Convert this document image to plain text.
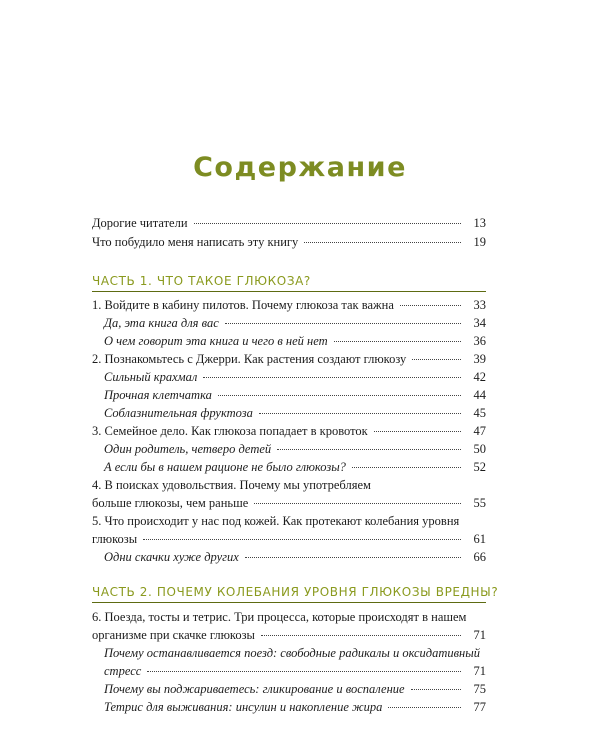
Содержание
Дорогие читатели	13
Что побудило меня написать эту книгу	19
ЧАСТЬ 1. ЧТО ТАКОЕ ГЛЮКОЗА?
1. Войдите в кабину пилотов. Почему глюкоза так важна	33
Да, эта книга для вас	34
О чем говорит эта книга и чего в ней нет	36
2. Познакомьтесь с Джерри. Как растения создают глюкозу	39
Сильный крахмал	42
Прочная клетчатка	44
Соблазнительная фруктоза	45
3. Семейное дело. Как глюкоза попадает в кровоток	47
Один родитель, четверо детей	50
А если бы в нашем рационе не было глюкозы?	52
4. В поисках удовольствия. Почему мы употребляем
больше глюкозы, чем раньше	55
5. Что происходит у нас под кожей. Как протекают колебания уровня
глюкозы	61
Одни скачки хуже других	66
ЧАСТЬ 2. ПОЧЕМУ КОЛЕБАНИЯ УРОВНЯ ГЛЮКОЗЫ ВРЕДНЫ?
6. Поезда, тосты и тетрис. Три процесса, которые происходят в нашем
организме при скачке глюкозы	71
Почему останавливается поезд: свободные радикалы и оксидативный
стресс	71
Почему вы поджариваетесь: гликирование и воспаление	75
Тетрис для выживания: инсулин и накопление жира	77
